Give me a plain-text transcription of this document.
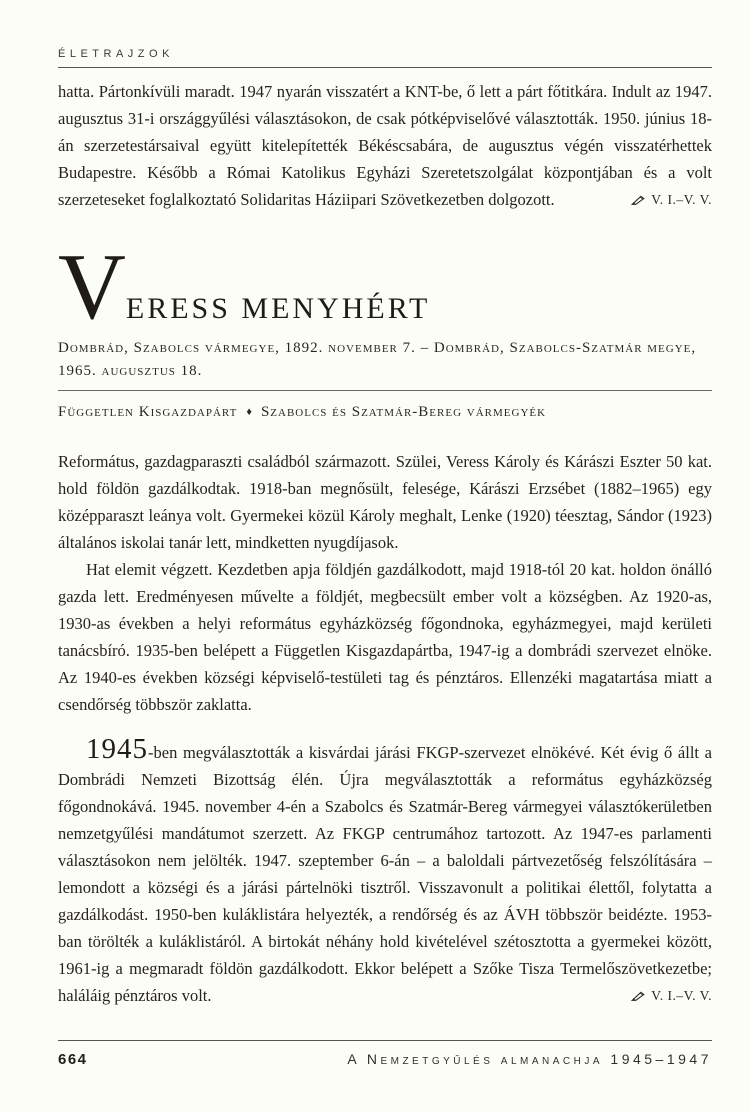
ÉLETRAJZOK

hatta. Pártonkívüli maradt. 1947 nyarán visszatért a KNT-be, ő lett a párt főtitkára. Indult az 1947. augusztus 31-i országgyűlési választásokon, de csak pótképviselővé választották. 1950. június 18-án szerzetestársaival együtt kitelepítették Békéscsabára, de augusztus végén visszatérhettek Budapestre. Később a Római Katolikus Egyházi Szeretetszolgálat központjában és a volt szerzeteseket foglalkoztató Solidaritas Háziipari Szövetkezetben dolgozott.	V. I.–V. V.

VERESS MENYHÉRT

Dombrád, Szabolcs vármegye, 1892. november 7. – Dombrád, Szabolcs-Szatmár megye, 1965. augusztus 18.

Független Kisgazdapárt ♦ Szabolcs és Szatmár-Bereg vármegyék

Református, gazdagparaszti családból származott. Szülei, Veress Károly és Kárászi Eszter 50 kat. hold földön gazdálkodtak. 1918-ban megnősült, felesége, Kárászi Erzsébet (1882–1965) egy középparaszt leánya volt. Gyermekei közül Károly meghalt, Lenke (1920) téesztag, Sándor (1923) általános iskolai tanár lett, mindketten nyugdíjasok.

Hat elemit végzett. Kezdetben apja földjén gazdálkodott, majd 1918-tól 20 kat. holdon önálló gazda lett. Eredményesen művelte a földjét, megbecsült ember volt a községben. Az 1920-as, 1930-as években a helyi református egyházközség főgondnoka, egyházmegyei, majd kerületi tanácsbíró. 1935-ben belépett a Független Kisgazdapártba, 1947-ig a dombrádi szervezet elnöke. Az 1940-es években községi képviselő-testületi tag és pénztáros. Ellenzéki magatartása miatt a csendőrség többször zaklatta.

1945-ben megválasztották a kisvárdai járási FKGP-szervezet elnökévé. Két évig ő állt a Dombrádi Nemzeti Bizottság élén. Újra megválasztották a református egyházközség főgondnokává. 1945. november 4-én a Szabolcs és Szatmár-Bereg vármegyei választókerületben nemzetgyűlési mandátumot szerzett. Az FKGP centrumához tartozott. Az 1947-es parlamenti választásokon nem jelölték. 1947. szeptember 6-án – a baloldali pártvezetőség felszólítására – lemondott a községi és a járási pártelnöki tisztről. Visszavonult a politikai élettől, folytatta a gazdálkodást. 1950-ben kuláklistára helyezték, a rendőrség és az ÁVH többször beidézte. 1953-ban törölték a kuláklistáról. A birtokát néhány hold kivételével szétosztotta a gyermekei között, 1961-ig a megmaradt földön gazdálkodott. Ekkor belépett a Szőke Tisza Termelőszövetkezetbe; haláláig pénztáros volt.	V. I.–V. V.

664	A Nemzetgyűlés almanachja 1945–1947
